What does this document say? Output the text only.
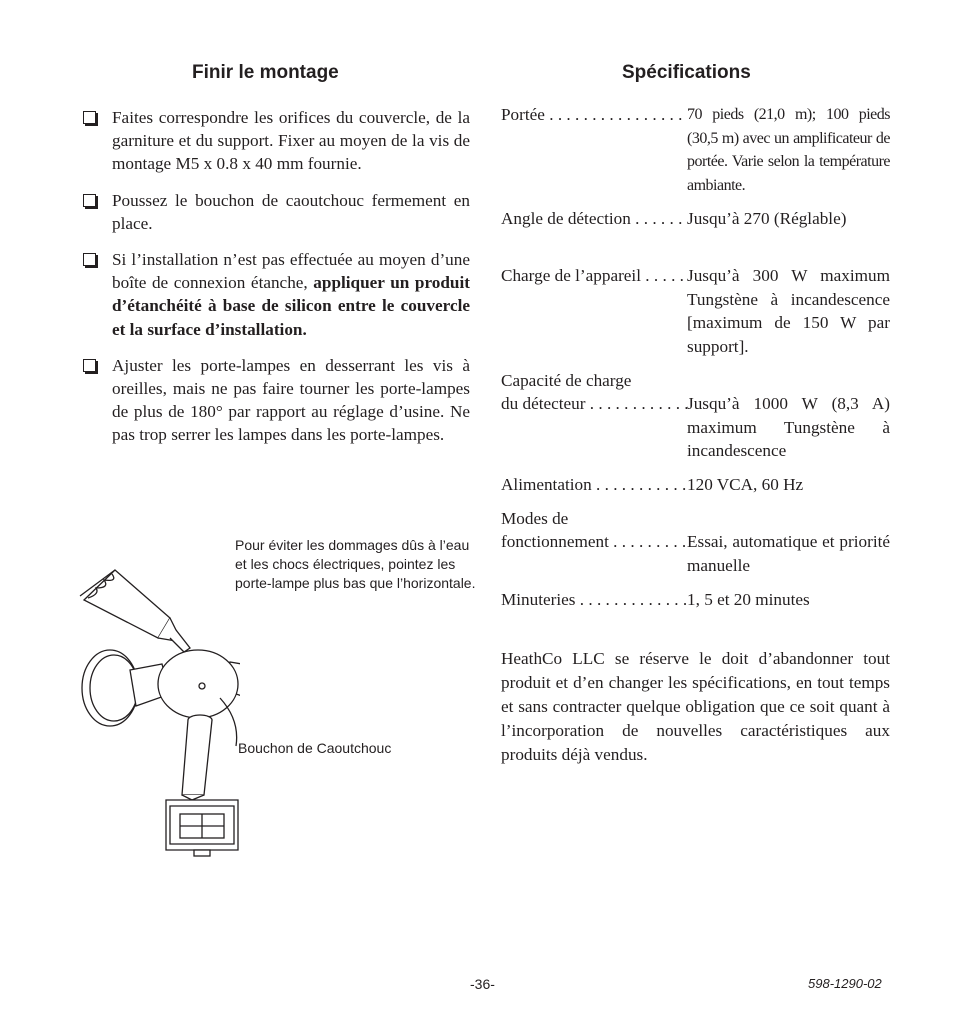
Finir le montage
Faites correspondre les orifices du couvercle, de la garniture et du support. Fixer au moyen de la vis de montage M5 x 0.8 x 40 mm fournie.
Poussez le bouchon de caoutchouc fermement en place.
Si l’installation n’est pas effectuée au moyen d’une boîte de connexion étanche, appliquer un produit d’étanchéité à base de silicon entre le couvercle et la surface d’installation.
Ajuster les porte-lampes en desserrant les vis à oreilles, mais ne pas faire tourner les porte-lampes de plus de 180° par rapport au réglage d’usine. Ne pas trop serrer les lampes dans les porte-lampes.
Pour éviter les dommages dûs à l’eau et les chocs électriques, pointez les porte-lampe plus bas que l’horizontale.
Bouchon de Caoutchouc
Spécifications
Portée . . .	70 pieds (21,0 m); 100 pieds (30,5 m) avec un amplificateur de portée. Varie selon la température ambiante.
Angle de détection . . .	Jusqu’à 270 (Réglable)
Charge de l’appareil . . .	Jusqu’à 300 W maximum Tungstène à incandescence [maximum de 150 W par support].
Capacité de charge
du détecteur . . .	Jusqu’à 1000 W (8,3 A) maximum Tungstène à incandescence
Alimentation . . .	120 VCA, 60 Hz
Modes de
fonctionnement . . .	Essai, automatique et priorité manuelle
Minuteries . . .	1, 5 et 20 minutes

HeathCo LLC se réserve le doit d’abandonner tout produit et d’en changer les spécifications, en tout temps et sans contracter quelque obligation que ce soit quant à l’incorporation de nouvelles caractéristiques aux produits déjà vendus.

-36-	598-1290-02
